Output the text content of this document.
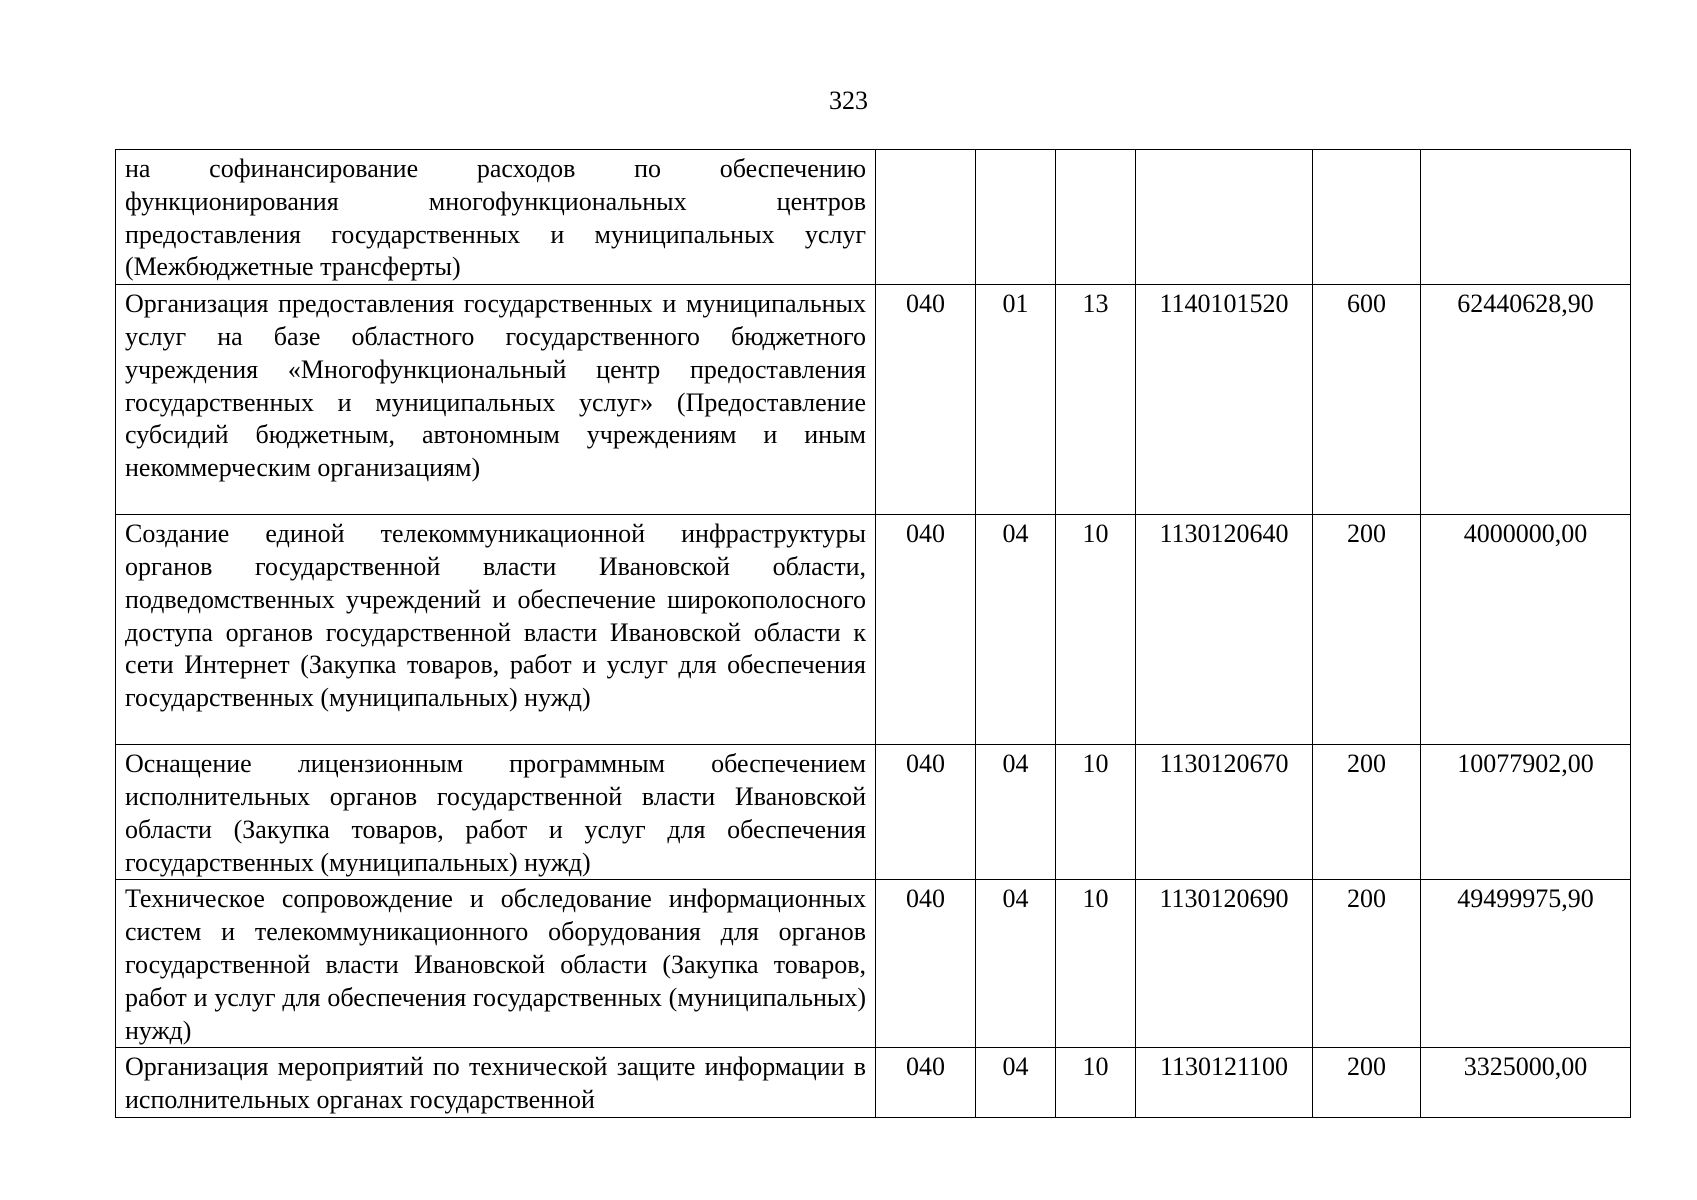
323
на софинансирование расходов по обеспечению функционирования многофункциональных центров предоставления государственных и муниципальных услуг (Межбюджетные трансферты)						
Организация предоставления государственных и муниципальных услуг на базе областного государственного бюджетного учреждения «Многофункциональный центр предоставления государственных и муниципальных услуг» (Предоставление субсидий бюджетным, автономным учреждениям и иным некоммерческим организациям)	040	01	13	1140101520	600	62440628,90
Создание единой телекоммуникационной инфраструктуры органов государственной власти Ивановской области, подведомственных учреждений и обеспечение широкополосного доступа органов государственной власти Ивановской области к сети Интернет (Закупка товаров, работ и услуг для обеспечения государственных (муниципальных) нужд)	040	04	10	1130120640	200	4000000,00
Оснащение лицензионным программным обеспечением исполнительных органов государственной власти Ивановской области (Закупка товаров, работ и услуг для обеспечения государственных (муниципальных) нужд)	040	04	10	1130120670	200	10077902,00
Техническое сопровождение и обследование информационных систем и телекоммуникационного оборудования для органов государственной власти Ивановской области (Закупка товаров, работ и услуг для обеспечения государственных (муниципальных) нужд)	040	04	10	1130120690	200	49499975,90
Организация мероприятий по технической защите информации в исполнительных органах государственной	040	04	10	1130121100	200	3325000,00
